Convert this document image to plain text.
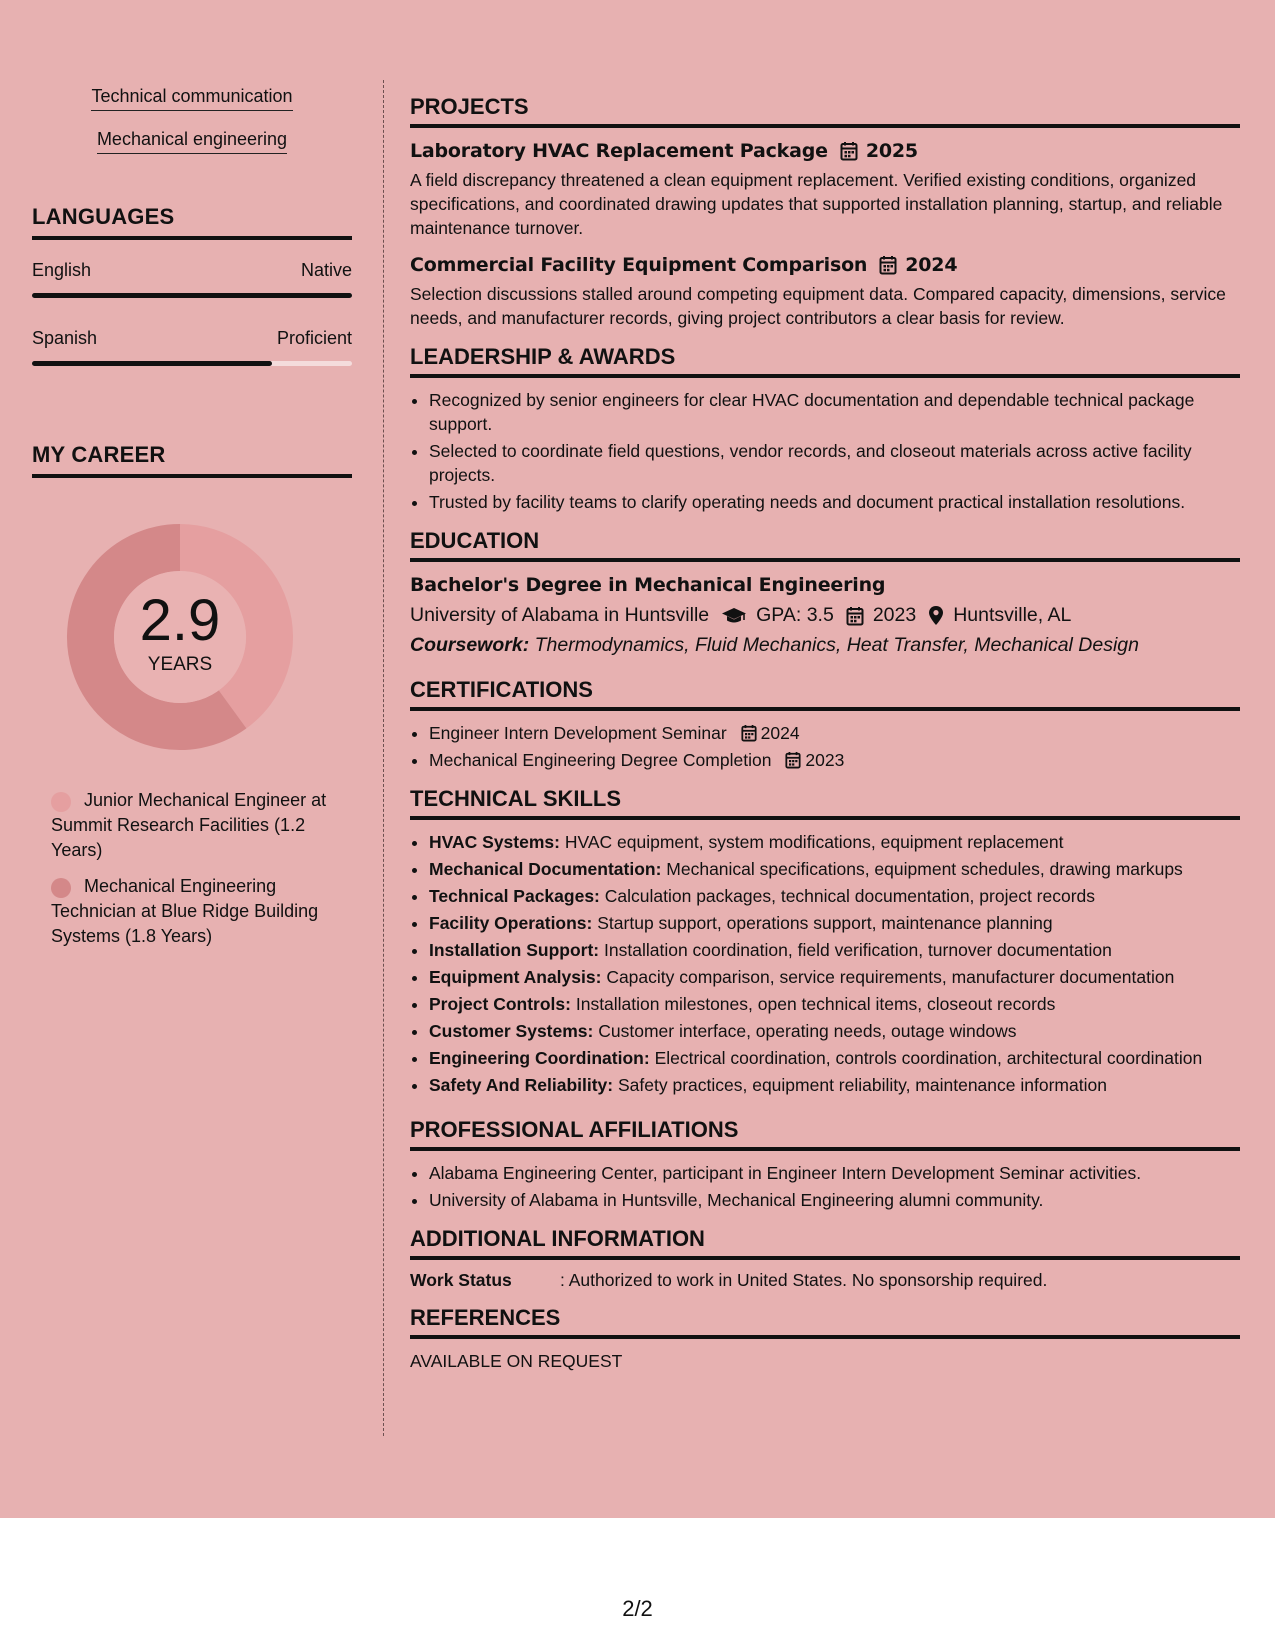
Technical communication
Mechanical engineering
LANGUAGES
English	Native
Spanish	Proficient
MY CAREER
2.9
YEARS
Junior Mechanical Engineer at Summit Research Facilities (1.2 Years)
Mechanical Engineering Technician at Blue Ridge Building Systems (1.8 Years)
PROJECTS
Laboratory HVAC Replacement Package 2025
A field discrepancy threatened a clean equipment replacement. Verified existing conditions, organized specifications, and coordinated drawing updates that supported installation planning, startup, and reliable maintenance turnover.
Commercial Facility Equipment Comparison 2024
Selection discussions stalled around competing equipment data. Compared capacity, dimensions, service needs, and manufacturer records, giving project contributors a clear basis for review.
LEADERSHIP & AWARDS
• Recognized by senior engineers for clear HVAC documentation and dependable technical package support.
• Selected to coordinate field questions, vendor records, and closeout materials across active facility projects.
• Trusted by facility teams to clarify operating needs and document practical installation resolutions.
EDUCATION
Bachelor's Degree in Mechanical Engineering
University of Alabama in Huntsville GPA: 3.5 2023 Huntsville, AL
Coursework: Thermodynamics, Fluid Mechanics, Heat Transfer, Mechanical Design
CERTIFICATIONS
• Engineer Intern Development Seminar 2024
• Mechanical Engineering Degree Completion 2023
TECHNICAL SKILLS
• HVAC Systems: HVAC equipment, system modifications, equipment replacement
• Mechanical Documentation: Mechanical specifications, equipment schedules, drawing markups
• Technical Packages: Calculation packages, technical documentation, project records
• Facility Operations: Startup support, operations support, maintenance planning
• Installation Support: Installation coordination, field verification, turnover documentation
• Equipment Analysis: Capacity comparison, service requirements, manufacturer documentation
• Project Controls: Installation milestones, open technical items, closeout records
• Customer Systems: Customer interface, operating needs, outage windows
• Engineering Coordination: Electrical coordination, controls coordination, architectural coordination
• Safety And Reliability: Safety practices, equipment reliability, maintenance information
PROFESSIONAL AFFILIATIONS
• Alabama Engineering Center, participant in Engineer Intern Development Seminar activities.
• University of Alabama in Huntsville, Mechanical Engineering alumni community.
ADDITIONAL INFORMATION
Work Status	: Authorized to work in United States. No sponsorship required.
REFERENCES
AVAILABLE ON REQUEST
2/2
